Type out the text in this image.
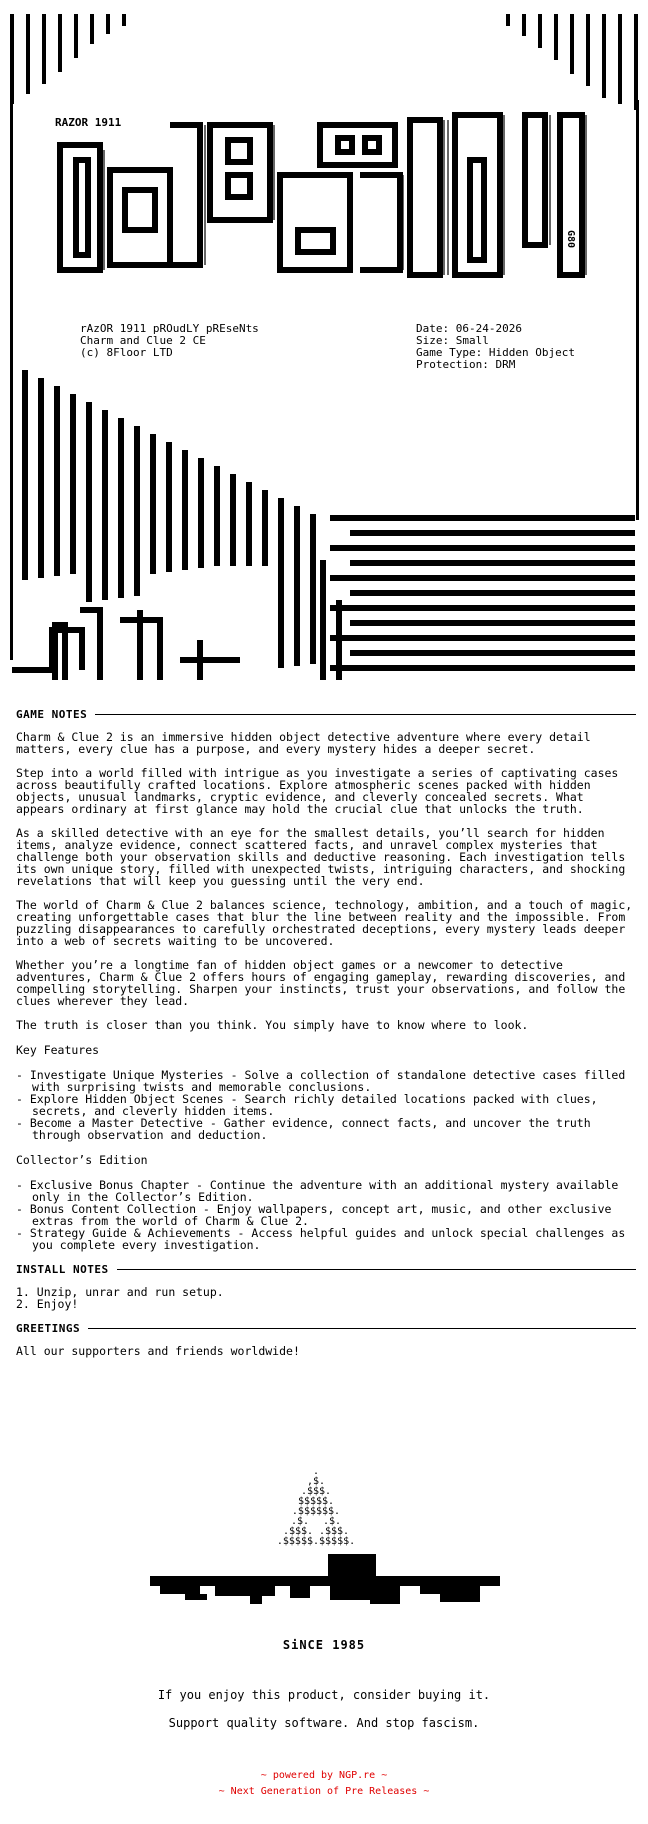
RAZOR 1911
G80
rAzOR 1911 pROudLY pREseNts
Charm and Clue 2 CE
(c) 8Floor LTD
Date: 06-24-2026
Size: Small
Game Type: Hidden Object
Protection: DRM
GAME NOTES

Charm & Clue 2 is an immersive hidden object detective adventure where every detail matters, every clue has a purpose, and every mystery hides a deeper secret.

Step into a world filled with intrigue as you investigate a series of captivating cases across beautifully crafted locations. Explore atmospheric scenes packed with hidden objects, unusual landmarks, cryptic evidence, and cleverly concealed secrets. What appears ordinary at first glance may hold the crucial clue that unlocks the truth.

As a skilled detective with an eye for the smallest details, you’ll search for hidden items, analyze evidence, connect scattered facts, and unravel complex mysteries that challenge both your observation skills and deductive reasoning. Each investigation tells its own unique story, filled with unexpected twists, intriguing characters, and shocking revelations that will keep you guessing until the very end.

The world of Charm & Clue 2 balances science, technology, ambition, and a touch of magic, creating unforgettable cases that blur the line between reality and the impossible. From puzzling disappearances to carefully orchestrated deceptions, every mystery leads deeper into a web of secrets waiting to be uncovered.

Whether you’re a longtime fan of hidden object games or a newcomer to detective adventures, Charm & Clue 2 offers hours of engaging gameplay, rewarding discoveries, and compelling storytelling. Sharpen your instincts, trust your observations, and follow the clues wherever they lead.

The truth is closer than you think. You simply have to know where to look.

Key Features
- Investigate Unique Mysteries - Solve a collection of standalone detective cases filled with surprising twists and memorable conclusions.
- Explore Hidden Object Scenes - Search richly detailed locations packed with clues, secrets, and cleverly hidden items.
- Become a Master Detective - Gather evidence, connect facts, and uncover the truth through observation and deduction.
Collector’s Edition
- Exclusive Bonus Chapter - Continue the adventure with an additional mystery available only in the Collector’s Edition.
- Bonus Content Collection - Enjoy wallpapers, concept art, music, and other exclusive extras from the world of Charm & Clue 2.
- Strategy Guide & Achievements - Access helpful guides and unlock special challenges as you complete every investigation.
INSTALL NOTES
1. Unzip, unrar and run setup.
2. Enjoy!
GREETINGS

All our supporters and friends worldwide!

.
,$.
.$$$.
$$$$$.
.$$$$$$.
.$. .$.
.$$$. .$$$.
.$$$$$.$$$$$.
SiNCE 1985
If you enjoy this product, consider buying it.
Support quality software. And stop fascism.
~ powered by NGP.re ~
~ Next Generation of Pre Releases ~
